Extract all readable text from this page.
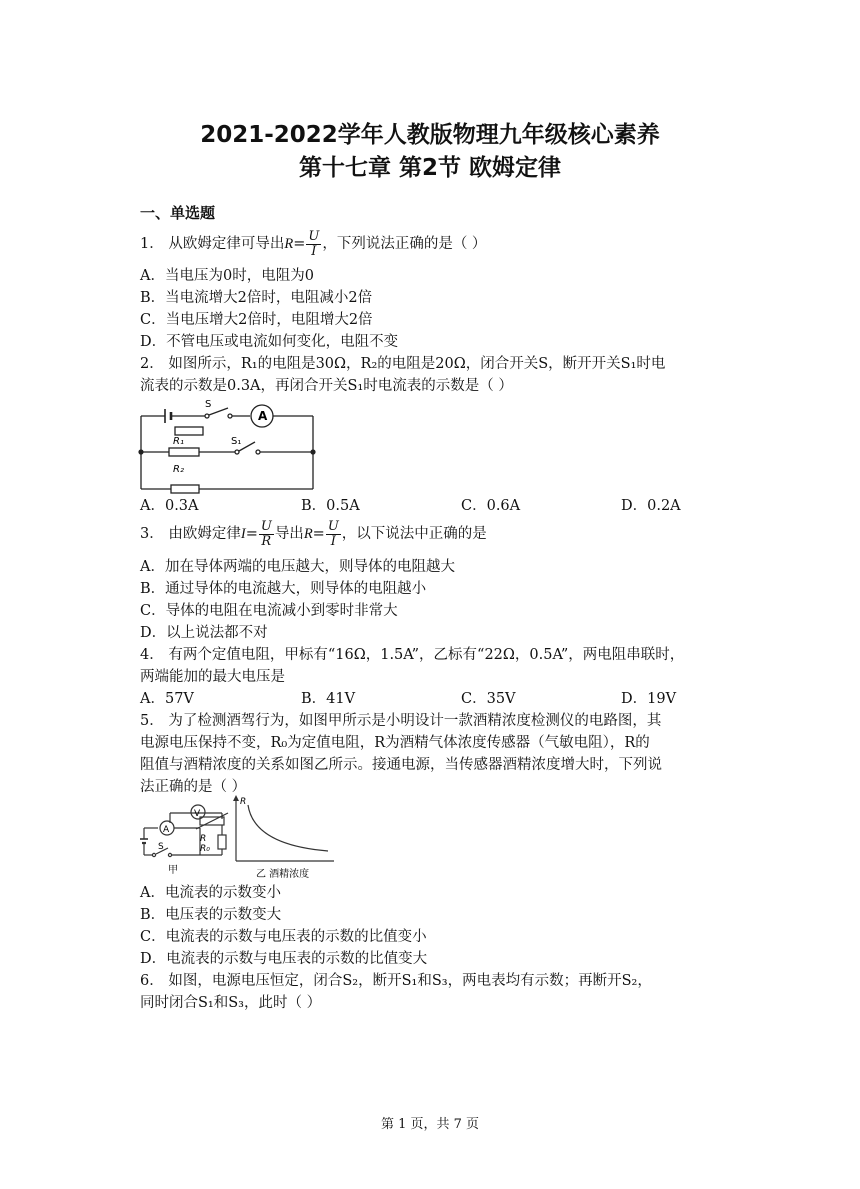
2021-2022学年人教版物理九年级核心素养
第十七章 第2节 欧姆定律
一、单选题
1． 从欧姆定律可导出$R= \frac{U}{I}$ ，下列说法正确的是（ ）
A．当电压为0时，电阻为0
B．当电流增大2倍时，电阻减小2倍
C．当电压增大2倍时，电阻增大2倍
D．不管电压或电流如何变化，电阻不变
2． 如图所示，R₁的电阻是30Ω，R₂的电阻是20Ω，闭合开关S，断开开关S₁时电
流表的示数是0.3A，再闭合开关S₁时电流表的示数是（ ）
S
A
R₁	S₁
R₂
A．0.3A	B．0.5A	C．0.6A	D．0.2A
3． 由欧姆定律$I= \frac{U}{R}$ 导出$R= \frac{U}{I}$ ，以下说法中正确的是
A．加在导体两端的电压越大，则导体的电阻越大
B．通过导体的电流越大，则导体的电阻越小
C．导体的电阻在电流减小到零时非常大
D．以上说法都不对
4． 有两个定值电阻，甲标有“16Ω，1.5A”，乙标有“22Ω，0.5A”，两电阻串联时，
两端能加的最大电压是
A．57V	B．41V	C．35V	D．19V
5． 为了检测酒驾行为，如图甲所示是小明设计一款酒精浓度检测仪的电路图，其
电源电压保持不变，R₀为定值电阻，R为酒精气体浓度传感器（气敏电阻），R的
阻值与酒精浓度的关系如图乙所示。接通电源，当传感器酒精浓度增大时，下列说
法正确的是（ ）
V
A
R
R₀
S
甲
R
乙 酒精浓度
A．电流表的示数变小
B．电压表的示数变大
C．电流表的示数与电压表的示数的比值变小
D．电流表的示数与电压表的示数的比值变大
6． 如图，电源电压恒定，闭合S₂，断开S₁和S₃，两电表均有示数；再断开S₂，
同时闭合S₁和S₃，此时（ ）
第 1 页，共 7 页
